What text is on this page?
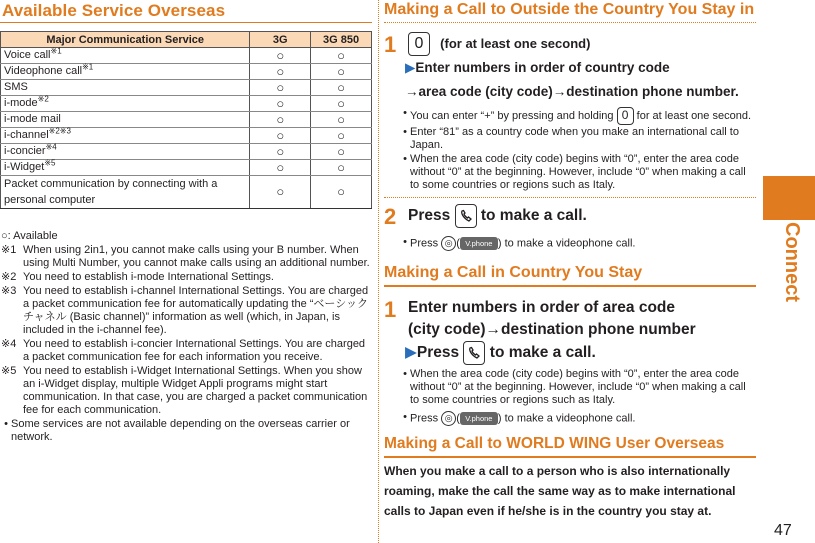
Available Service Overseas
Major Communication Service	3G	3G 850
Voice call$^{※1}$	○	○
Videophone call$^{※1}$	○	○
SMS	○	○
i-mode$^{※2}$	○	○
i-mode mail	○	○
i-channel$^{※2※3}$	○	○
i-concier$^{※4}$	○	○
i-Widget$^{※5}$	○	○
Packet communication by connecting with a personal computer	○	○
○: Available
※1 When using 2in1, you cannot make calls using your B number. When using Multi Number, you cannot make calls using an additional number.
※2 You need to establish i-mode International Settings.
※3 You need to establish i-channel International Settings. You are charged a packet communication fee for automatically updating the “ベーシックチャネル (Basic channel)” information as well (which, in Japan, is included in the i-channel fee).
※4 You need to establish i-concier International Settings. You are charged a packet communication fee for each information you receive.
※5 You need to establish i-Widget International Settings. When you show an i-Widget display, multiple Widget Appli programs might start communication. In that case, you are charged a packet communication fee for each communication.
• Some services are not available depending on the overseas carrier or network.
Making a Call to Outside the Country You Stay in
1	0 (for at least one second)
▶Enter numbers in order of country code
→area code (city code)→destination phone number.
• You can enter “+” by pressing and holding 0 for at least one second.
• Enter “81” as a country code when you make an international call to Japan.
• When the area code (city code) begins with “0”, enter the area code without “0” at the beginning. However, include “0” when making a call to some countries or regions such as Italy.
2 Press  to make a call.
• Press ◎ ( V.phone ) to make a videophone call.
Making a Call in Country You Stay
1 Enter numbers in order of area code
(city code)→destination phone number
▶Press  to make a call.
• When the area code (city code) begins with “0”, enter the area code without “0” at the beginning. However, include “0” when making a call to some countries or regions such as Italy.
• Press ◎ ( V.phone ) to make a videophone call.
Making a Call to WORLD WING User Overseas
When you make a call to a person who is also internationally roaming, make the call the same way as to make international calls to Japan even if he/she is in the country you stay at.
Connect
47
